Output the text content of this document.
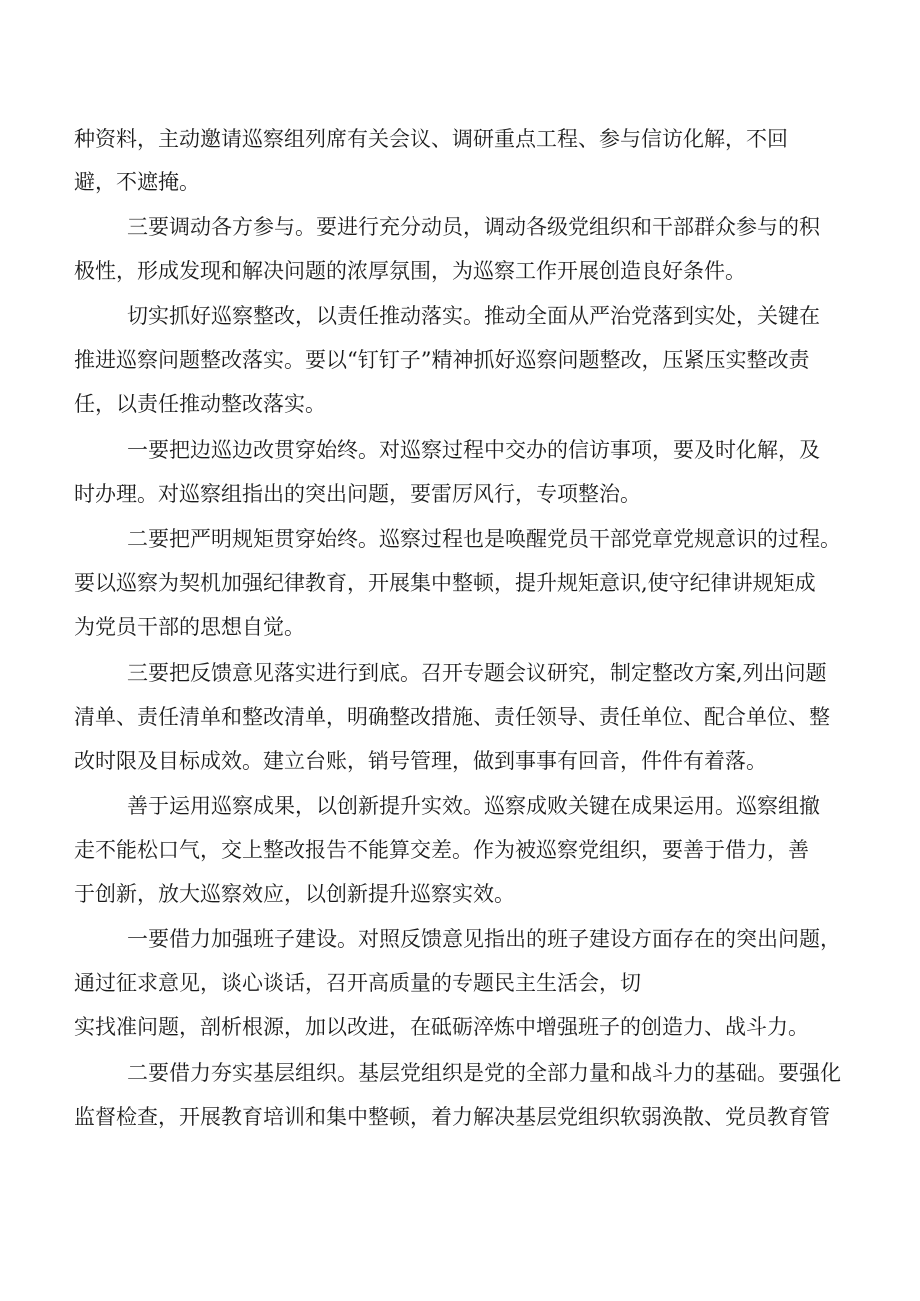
种资料，主动邀请巡察组列席有关会议、调研重点工程、参与信访化解，不回
避，不遮掩。
三要调动各方参与。要进行充分动员，调动各级党组织和干部群众参与的积
极性，形成发现和解决问题的浓厚氛围，为巡察工作开展创造良好条件。
切实抓好巡察整改，以责任推动落实。推动全面从严治党落到实处，关键在
推进巡察问题整改落实。要以“钉钉子”精神抓好巡察问题整改，压紧压实整改责
任，以责任推动整改落实。
一要把边巡边改贯穿始终。对巡察过程中交办的信访事项，要及时化解，及
时办理。对巡察组指出的突出问题，要雷厉风行，专项整治。
二要把严明规矩贯穿始终。巡察过程也是唤醒党员干部党章党规意识的过程。
要以巡察为契机加强纪律教育，开展集中整顿，提升规矩意识,使守纪律讲规矩成
为党员干部的思想自觉。
三要把反馈意见落实进行到底。召开专题会议研究，制定整改方案,列出问题
清单、责任清单和整改清单，明确整改措施、责任领导、责任单位、配合单位、整
改时限及目标成效。建立台账，销号管理，做到事事有回音，件件有着落。
善于运用巡察成果，以创新提升实效。巡察成败关键在成果运用。巡察组撤
走不能松口气，交上整改报告不能算交差。作为被巡察党组织，要善于借力，善
于创新，放大巡察效应，以创新提升巡察实效。
一要借力加强班子建设。对照反馈意见指出的班子建设方面存在的突出问题，
通过征求意见，谈心谈话，召开高质量的专题民主生活会，切
实找准问题，剖析根源，加以改进，在砥砺淬炼中增强班子的创造力、战斗力。
二要借力夯实基层组织。基层党组织是党的全部力量和战斗力的基础。要强化
监督检查，开展教育培训和集中整顿，着力解决基层党组织软弱涣散、党员教育管
